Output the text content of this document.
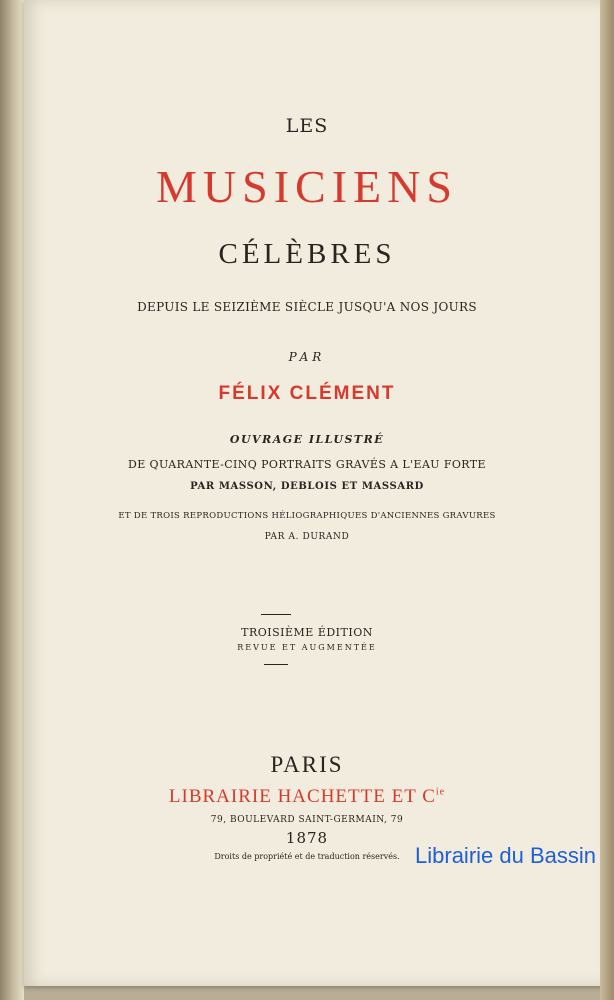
LES

MUSICIENS

CÉLÈBRES

DEPUIS LE SEIZIÈME SIÈCLE JUSQU'A NOS JOURS

PAR

FÉLIX CLÉMENT

OUVRAGE ILLUSTRÉ

DE QUARANTE-CINQ PORTRAITS GRAVÉS A L'EAU FORTE

PAR MASSON, DEBLOIS ET MASSARD

ET DE TROIS REPRODUCTIONS HÉLIOGRAPHIQUES D'ANCIENNES GRAVURES

PAR A. DURAND

TROISIÈME ÉDITION

REVUE ET AUGMENTÉE

PARIS

LIBRAIRIE HACHETTE ET $C^{ie}$

79, BOULEVARD SAINT-GERMAIN, 79

1878

Droits de propriété et de traduction réservés. Librairie du Bassin
